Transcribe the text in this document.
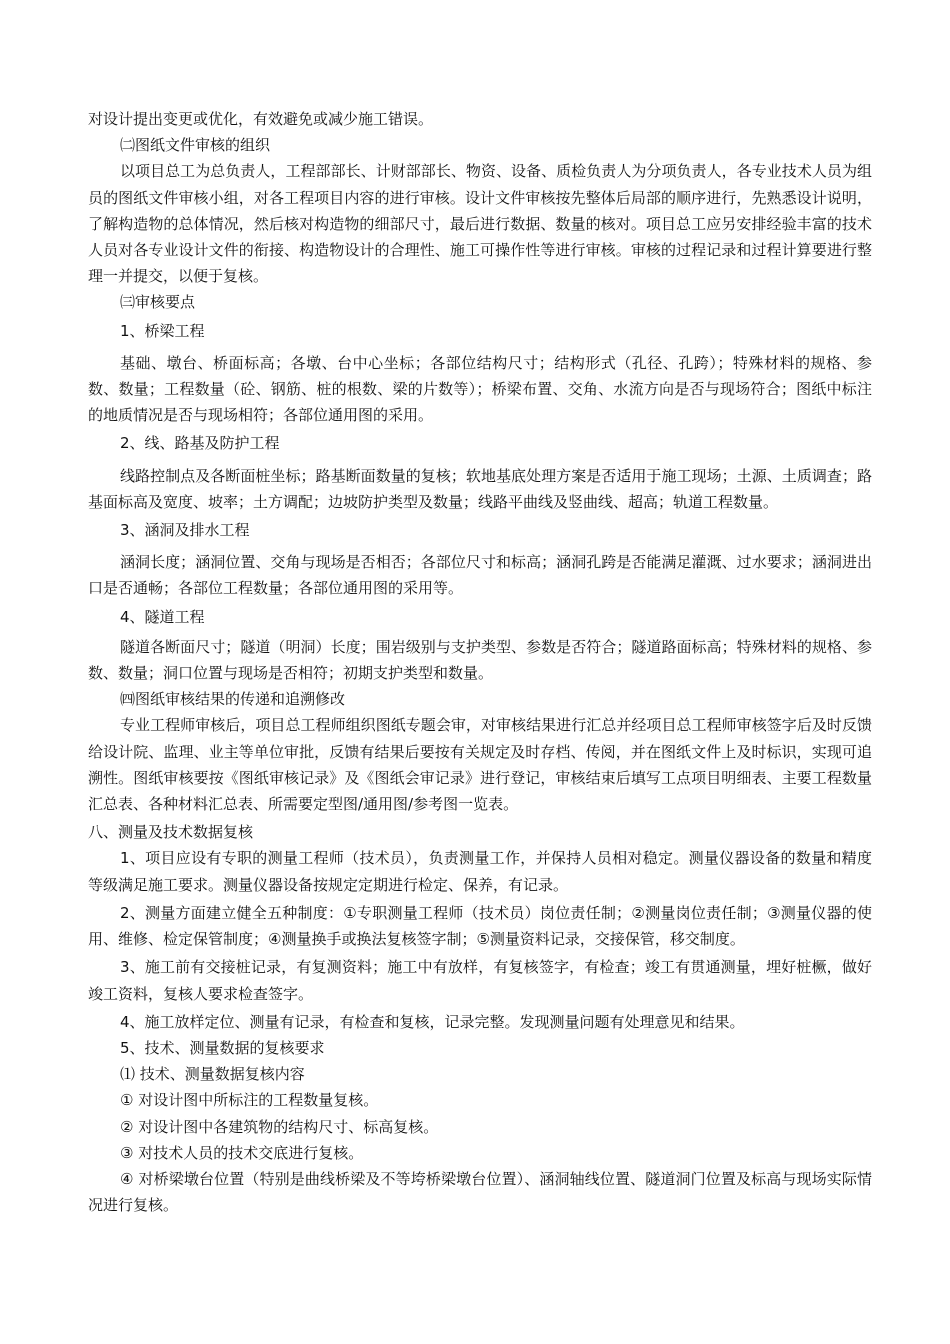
对设计提出变更或优化，有效避免或减少施工错误。

㈡图纸文件审核的组织

以项目总工为总负责人，工程部部长、计财部部长、物资、设备、质检负责人为分项负责人，各专业技术人员为组员的图纸文件审核小组，对各工程项目内容的进行审核。设计文件审核按先整体后局部的顺序进行，先熟悉设计说明，了解构造物的总体情况，然后核对构造物的细部尺寸，最后进行数据、数量的核对。项目总工应另安排经验丰富的技术人员对各专业设计文件的衔接、构造物设计的合理性、施工可操作性等进行审核。审核的过程记录和过程计算要进行整理一并提交，以便于复核。

㈢审核要点

1、桥梁工程

基础、墩台、桥面标高；各墩、台中心坐标；各部位结构尺寸；结构形式（孔径、孔跨）；特殊材料的规格、参数、数量；工程数量（砼、钢筋、桩的根数、梁的片数等）；桥梁布置、交角、水流方向是否与现场符合；图纸中标注的地质情况是否与现场相符；各部位通用图的采用。

2、线、路基及防护工程

线路控制点及各断面桩坐标；路基断面数量的复核；软地基底处理方案是否适用于施工现场；土源、土质调查；路基面标高及宽度、坡率；土方调配；边坡防护类型及数量；线路平曲线及竖曲线、超高；轨道工程数量。

3、涵洞及排水工程

涵洞长度；涵洞位置、交角与现场是否相否；各部位尺寸和标高；涵洞孔跨是否能满足灌溉、过水要求；涵洞进出口是否通畅；各部位工程数量；各部位通用图的采用等。

4、隧道工程

隧道各断面尺寸；隧道（明洞）长度；围岩级别与支护类型、参数是否符合；隧道路面标高；特殊材料的规格、参数、数量；洞口位置与现场是否相符；初期支护类型和数量。

㈣图纸审核结果的传递和追溯修改

专业工程师审核后，项目总工程师组织图纸专题会审，对审核结果进行汇总并经项目总工程师审核签字后及时反馈给设计院、监理、业主等单位审批，反馈有结果后要按有关规定及时存档、传阅，并在图纸文件上及时标识，实现可追溯性。图纸审核要按《图纸审核记录》及《图纸会审记录》进行登记，审核结束后填写工点项目明细表、主要工程数量汇总表、各种材料汇总表、所需要定型图/通用图/参考图一览表。

八、测量及技术数据复核

1、项目应设有专职的测量工程师（技术员），负责测量工作，并保持人员相对稳定。测量仪器设备的数量和精度等级满足施工要求。测量仪器设备按规定定期进行检定、保养，有记录。

2、测量方面建立健全五种制度：①专职测量工程师（技术员）岗位责任制；②测量岗位责任制；③测量仪器的使用、维修、检定保管制度；④测量换手或换法复核签字制；⑤测量资料记录，交接保管，移交制度。

3、施工前有交接桩记录，有复测资料；施工中有放样，有复核签字，有检查；竣工有贯通测量，埋好桩橛，做好竣工资料，复核人要求检查签字。

4、施工放样定位、测量有记录，有检查和复核，记录完整。发现测量问题有处理意见和结果。

5、技术、测量数据的复核要求

⑴ 技术、测量数据复核内容

① 对设计图中所标注的工程数量复核。

② 对设计图中各建筑物的结构尺寸、标高复核。

③ 对技术人员的技术交底进行复核。

④ 对桥梁墩台位置（特别是曲线桥梁及不等垮桥梁墩台位置）、涵洞轴线位置、隧道洞门位置及标高与现场实际情况进行复核。
